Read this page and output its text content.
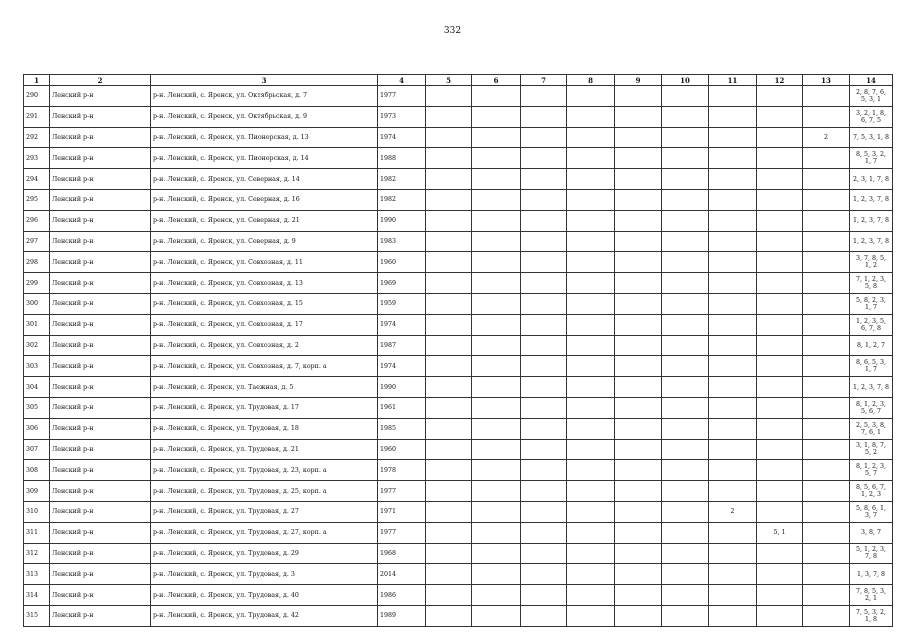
332
1	2	3	4	5	6	7	8	9	10	11	12	13	14
290	Ленский р-н	р-н. Ленский, с. Яренск, ул. Октябрьская, д. 7	1977										2, 8, 7, 6, 5, 3, 1
291	Ленский р-н	р-н. Ленский, с. Яренск, ул. Октябрьская, д. 9	1973										3, 2, 1, 8, 6, 7, 5
292	Ленский р-н	р-н. Ленский, с. Яренск, ул. Пионерская, д. 13	1974									2	7, 5, 3, 1, 8
293	Ленский р-н	р-н. Ленский, с. Яренск, ул. Пионерская, д. 14	1988										8, 5, 3, 2, 1, 7
294	Ленский р-н	р-н. Ленский, с. Яренск, ул. Северная, д. 14	1982										2, 3, 1, 7, 8
295	Ленский р-н	р-н. Ленский, с. Яренск, ул. Северная, д. 16	1982										1, 2, 3, 7, 8
296	Ленский р-н	р-н. Ленский, с. Яренск, ул. Северная, д. 21	1990										1, 2, 3, 7, 8
297	Ленский р-н	р-н. Ленский, с. Яренск, ул. Северная, д. 9	1983										1, 2, 3, 7, 8
298	Ленский р-н	р-н. Ленский, с. Яренск, ул. Совхозная, д. 11	1960										3, 7, 8, 5, 1, 2
299	Ленский р-н	р-н. Ленский, с. Яренск, ул. Совхозная, д. 13	1969										7, 1, 2, 3, 5, 8
300	Ленский р-н	р-н. Ленский, с. Яренск, ул. Совхозная, д. 15	1959										5, 8, 2, 3, 1, 7
301	Ленский р-н	р-н. Ленский, с. Яренск, ул. Совхозная, д. 17	1974										1, 2, 3, 5, 6, 7, 8
302	Ленский р-н	р-н. Ленский, с. Яренск, ул. Совхозная, д. 2	1987										8, 1, 2, 7
303	Ленский р-н	р-н. Ленский, с. Яренск, ул. Совхозная, д. 7, корп. а	1974										8, 6, 5, 3, 1, 7
304	Ленский р-н	р-н. Ленский, с. Яренск, ул. Таежная, д. 5	1990										1, 2, 3, 7, 8
305	Ленский р-н	р-н. Ленский, с. Яренск, ул. Трудовая, д. 17	1961										8, 1, 2, 3, 5, 6, 7
306	Ленский р-н	р-н. Ленский, с. Яренск, ул. Трудовая, д. 18	1985										2, 5, 3, 8, 7, 6, 1
307	Ленский р-н	р-н. Ленский, с. Яренск, ул. Трудовая, д. 21	1960										3, 1, 8, 7, 5, 2
308	Ленский р-н	р-н. Ленский, с. Яренск, ул. Трудовая, д. 23, корп. а	1978										8, 1, 2, 3, 5, 7
309	Ленский р-н	р-н. Ленский, с. Яренск, ул. Трудовая, д. 25, корп. а	1977										8, 5, 6, 7, 1, 2, 3
310	Ленский р-н	р-н. Ленский, с. Яренск, ул. Трудовая, д. 27	1971							2			5, 8, 6, 1, 3, 7
311	Ленский р-н	р-н. Ленский, с. Яренск, ул. Трудовая, д. 27, корп. а	1977								5, 1		3, 8, 7
312	Ленский р-н	р-н. Ленский, с. Яренск, ул. Трудовая, д. 29	1968										5, 1, 2, 3, 7, 8
313	Ленский р-н	р-н. Ленский, с. Яренск, ул. Трудовая, д. 3	2014										1, 3, 7, 8
314	Ленский р-н	р-н. Ленский, с. Яренск, ул. Трудовая, д. 40	1986										7, 8, 5, 3, 2, 1
315	Ленский р-н	р-н. Ленский, с. Яренск, ул. Трудовая, д. 42	1989										7, 5, 3, 2, 1, 8
